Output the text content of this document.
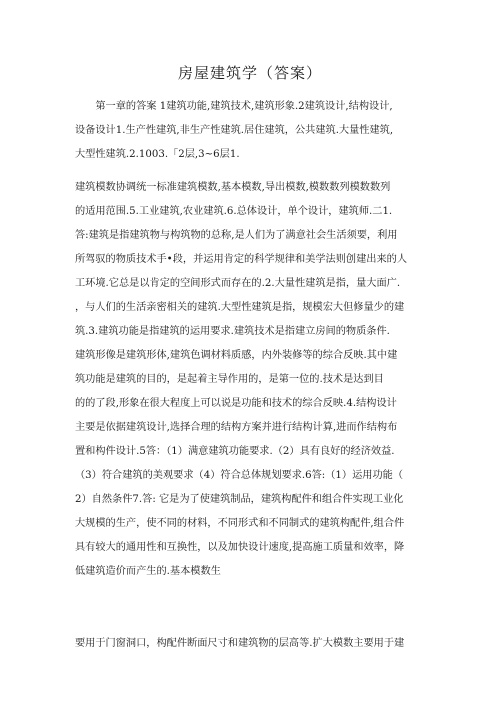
房屋建筑学（答案）
　　第一章的答案 1建筑功能,建筑技术,建筑形象.2建筑设计,结构设计,
设备设计1.生产性建筑,非生产性建筑.居住建筑，公共建筑.大量性建筑,
大型性建筑.2.1003.「2层,3~6层1.
建筑模数协调统一标准建筑模数,基本模数,导出模数,模数数列模数数列
的适用范围.5.工业建筑,农业建筑.6.总体设计，单个设计，建筑师.二1.
答:建筑是指建筑物与构筑物的总称,是人们为了满意社会生活须要，利用
所驾驭的物质技术手•段，并运用肯定的科学规律和美学法则创建出来的人
工环境.它总是以肯定的空间形式而存在的.2.大量性建筑是指，量大面广.
，与人们的生活亲密相关的建筑.大型性建筑是指，规模宏大但修量少的建
筑.3.建筑功能是指建筑的运用要求.建筑技术是指建立房间的物质条件.
建筑形像是建筑形体,建筑色调材料质感，内外装修等的综合反映.其中建
筑功能是建筑的目的，是起着主导作用的，是第一位的.技术是达到目
的的了段,形象在很大程度上可以说是功能和技术的综合反映.4.结构设计
主要是依据建筑设计,选择合理的结构方案并进行结构计算,进而作结构布
置和构件设计.5答：（1）满意建筑功能要求.（2）具有良好的经济效益.
（3）符合建筑的美观要求（4）符合总体规划要求.6答:（1）运用功能（
2）自然条件7.答: 它是为了使建筑制品，建筑构配件和组合件实现工业化
大规模的生产，使不同的材料，不同形式和不同制式的建筑构配件,组合件
具有较大的通用性和互换性，以及加快设计速度,提高施工质量和效率，降
低建筑造价而产生的.基本模数生
要用于门窗洞口，构配件断面尺寸和建筑物的层高等.扩大模数主要用于建
